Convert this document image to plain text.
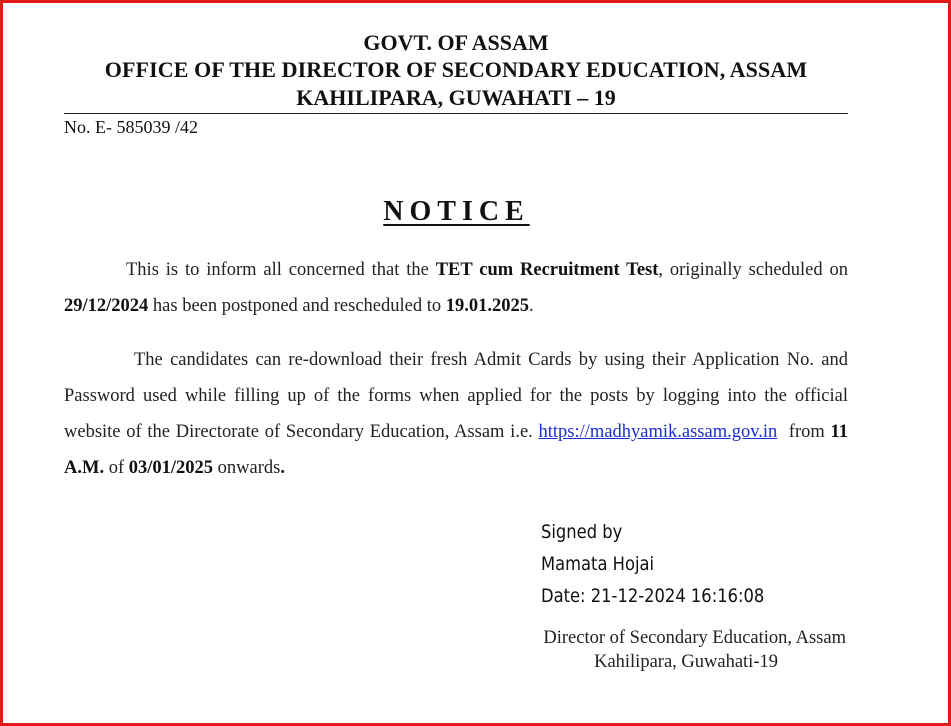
GOVT. OF ASSAM
OFFICE OF THE DIRECTOR OF SECONDARY EDUCATION, ASSAM
KAHILIPARA, GUWAHATI – 19
No. E- 585039 /42
NOTICE
This is to inform all concerned that the TET cum Recruitment Test, originally scheduled on 29/12/2024 has been postponed and rescheduled to 19.01.2025.
The candidates can re-download their fresh Admit Cards by using their Application No. and Password used while filling up of the forms when applied for the posts by logging into the official website of the Directorate of Secondary Education, Assam i.e. https://madhyamik.assam.gov.in  from 11 A.M. of 03/01/2025 onwards.
Signed by
Mamata Hojai
Date: 21-12-2024 16:16:08
Director of Secondary Education, Assam
Kahilipara, Guwahati-19
